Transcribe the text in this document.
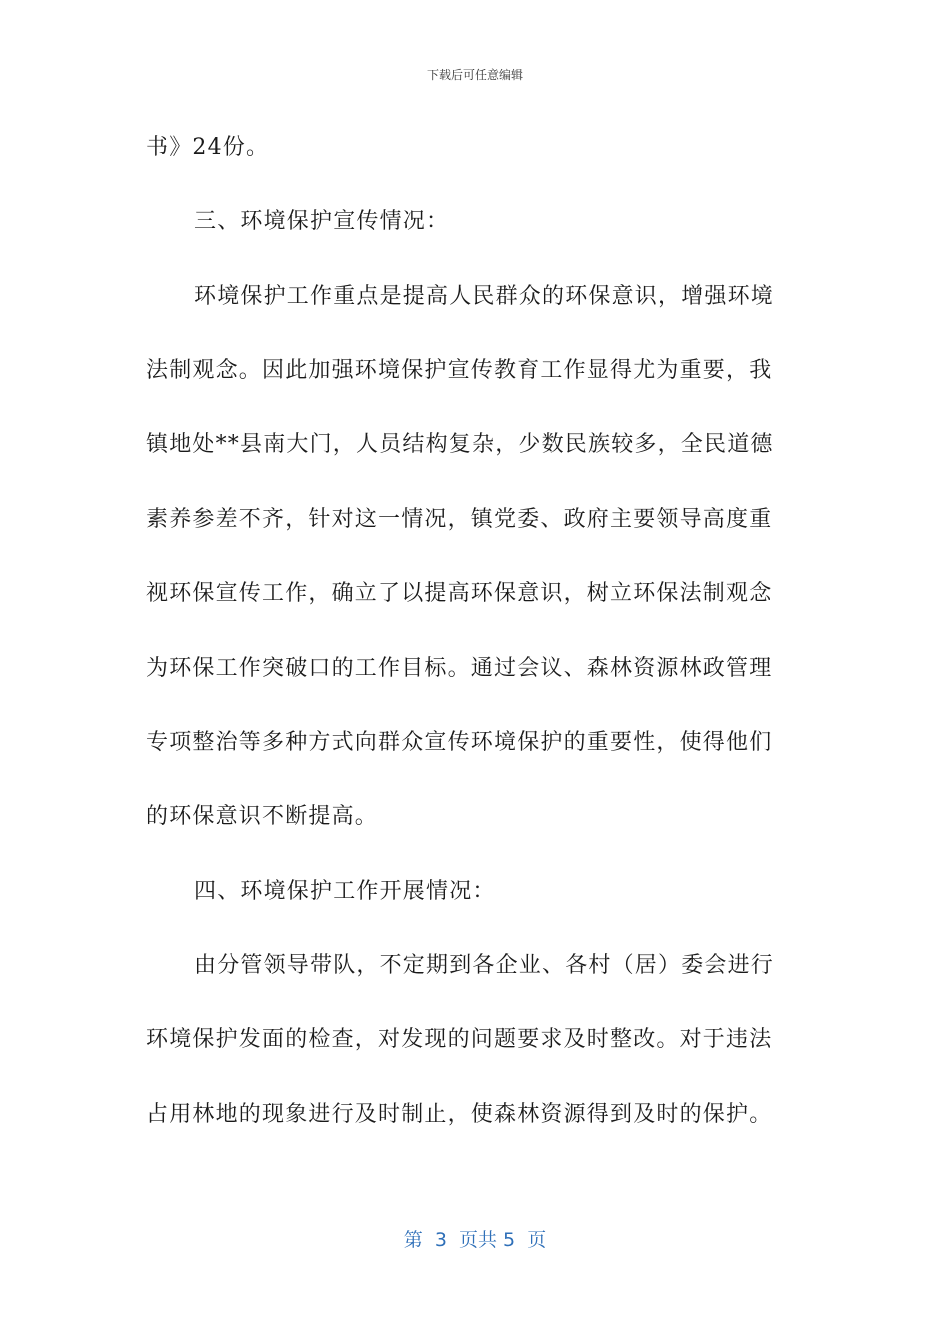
下载后可任意编辑
书》24份。
三、环境保护宣传情况：
环境保护工作重点是提高人民群众的环保意识，增强环境
法制观念。因此加强环境保护宣传教育工作显得尤为重要，我
镇地处**县南大门，人员结构复杂，少数民族较多，全民道德
素养参差不齐，针对这一情况，镇党委、政府主要领导高度重
视环保宣传工作，确立了以提高环保意识，树立环保法制观念
为环保工作突破口的工作目标。通过会议、森林资源林政管理
专项整治等多种方式向群众宣传环境保护的重要性，使得他们
的环保意识不断提高。
四、环境保护工作开展情况：
由分管领导带队，不定期到各企业、各村（居）委会进行
环境保护发面的检查，对发现的问题要求及时整改。对于违法
占用林地的现象进行及时制止，使森林资源得到及时的保护。
第  3  页共 5  页
